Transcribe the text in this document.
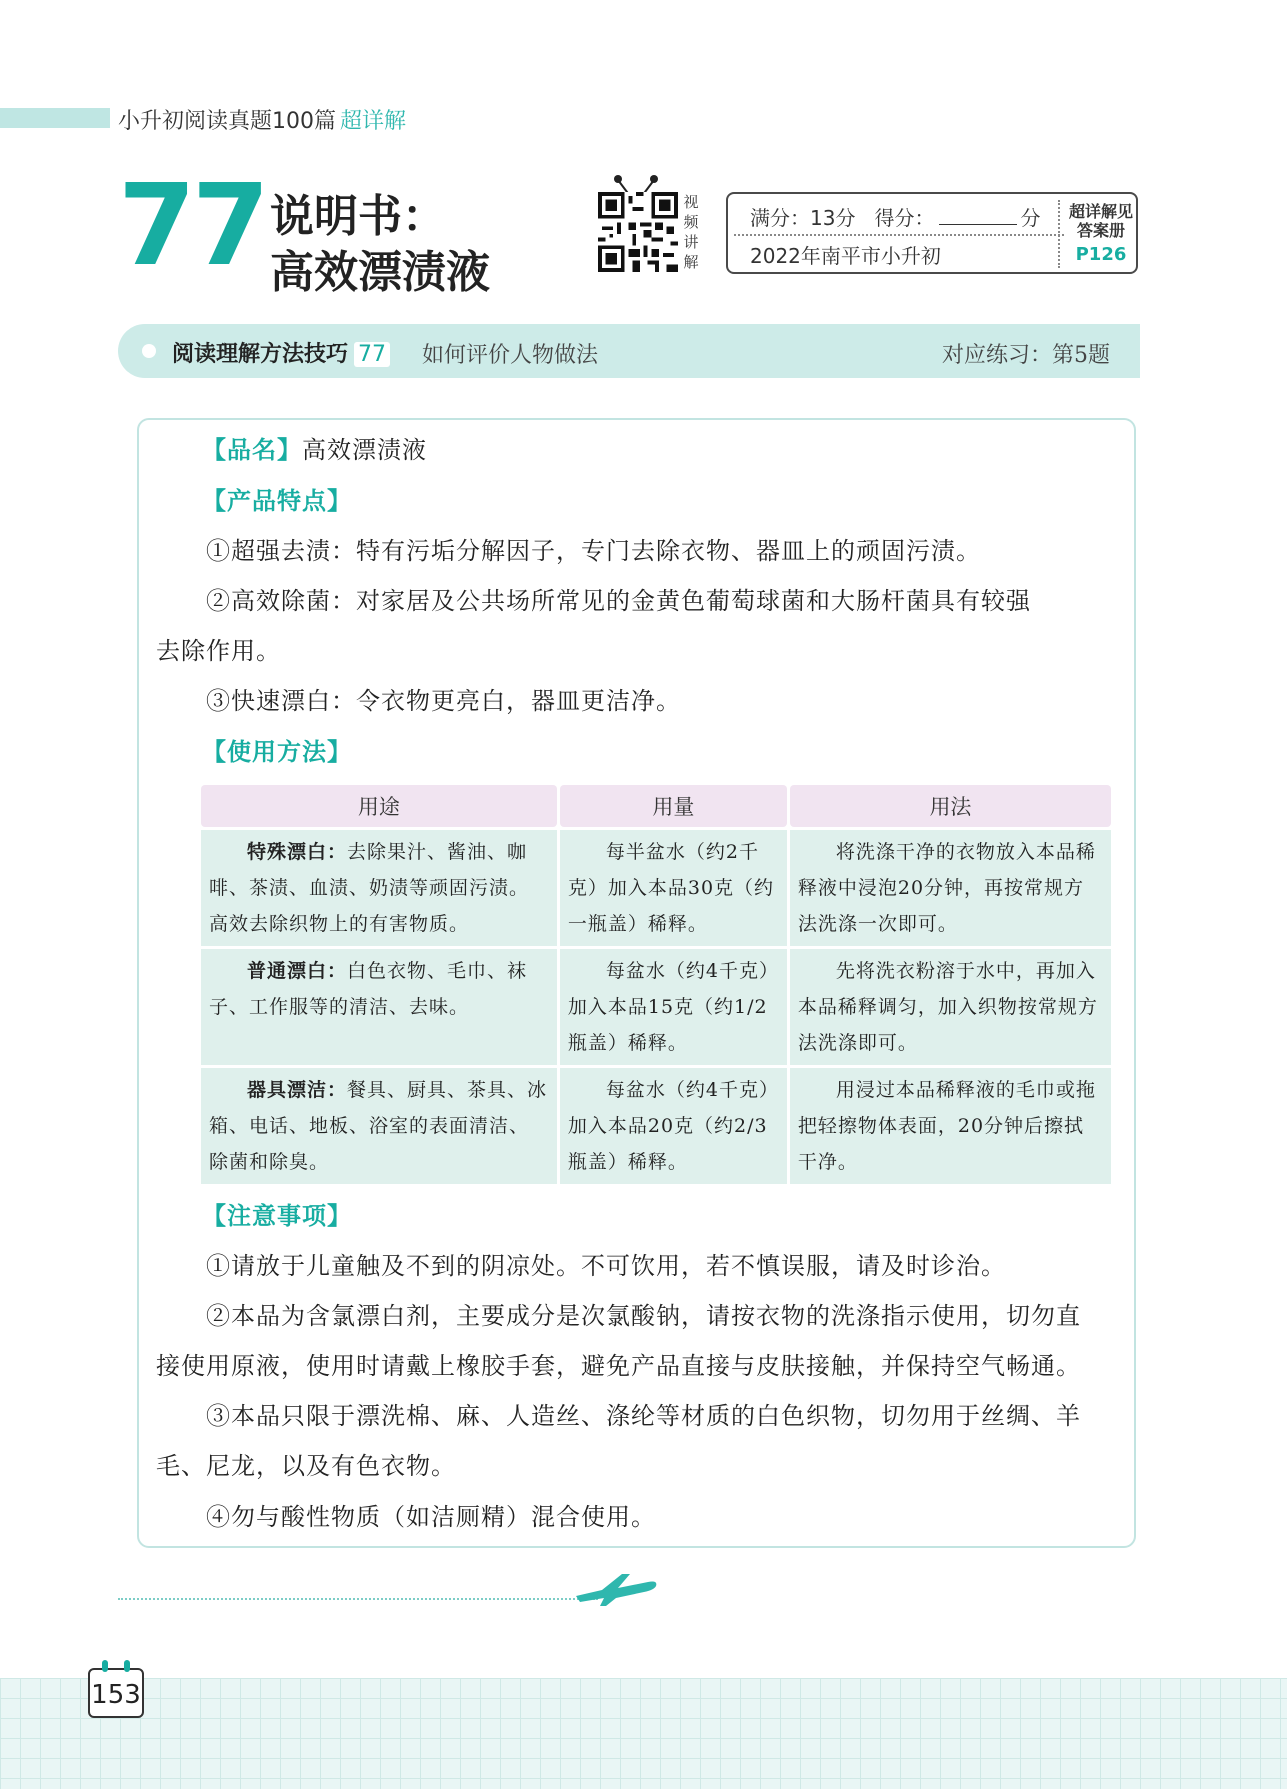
小升初阅读真题100篇 超详解
77 说明书：
高效漂渍液
视
频
讲
解
满分：13分 得分：	分
2022年南平市小升初
超详解见
答案册
P126
阅读理解方法技巧 77 如何评价人物做法	对应练习：第5题
【品名】高效漂渍液
【产品特点】
①超强去渍：特有污垢分解因子，专门去除衣物、器皿上的顽固污渍。
②高效除菌：对家居及公共场所常见的金黄色葡萄球菌和大肠杆菌具有较强
去除作用。
③快速漂白：令衣物更亮白，器皿更洁净。
【使用方法】
用途	用量	用法
特殊漂白：去除果汁、酱油、咖啡、茶渍、血渍、奶渍等顽固污渍。高效去除织物上的有害物质。	每半盆水（约2千克）加入本品30克（约一瓶盖）稀释。	将洗涤干净的衣物放入本品稀释液中浸泡20分钟，再按常规方法洗涤一次即可。
普通漂白：白色衣物、毛巾、袜子、工作服等的清洁、去味。	每盆水（约4千克）加入本品15克（约1/2瓶盖）稀释。	先将洗衣粉溶于水中，再加入本品稀释调匀，加入织物按常规方法洗涤即可。
器具漂洁：餐具、厨具、茶具、冰箱、电话、地板、浴室的表面清洁、除菌和除臭。	每盆水（约4千克）加入本品20克（约2/3瓶盖）稀释。	用浸过本品稀释液的毛巾或拖把轻擦物体表面，20分钟后擦拭干净。
【注意事项】
①请放于儿童触及不到的阴凉处。不可饮用，若不慎误服，请及时诊治。
②本品为含氯漂白剂，主要成分是次氯酸钠，请按衣物的洗涤指示使用，切勿直
接使用原液，使用时请戴上橡胶手套，避免产品直接与皮肤接触，并保持空气畅通。
③本品只限于漂洗棉、麻、人造丝、涤纶等材质的白色织物，切勿用于丝绸、羊
毛、尼龙，以及有色衣物。
④勿与酸性物质（如洁厕精）混合使用。
153
